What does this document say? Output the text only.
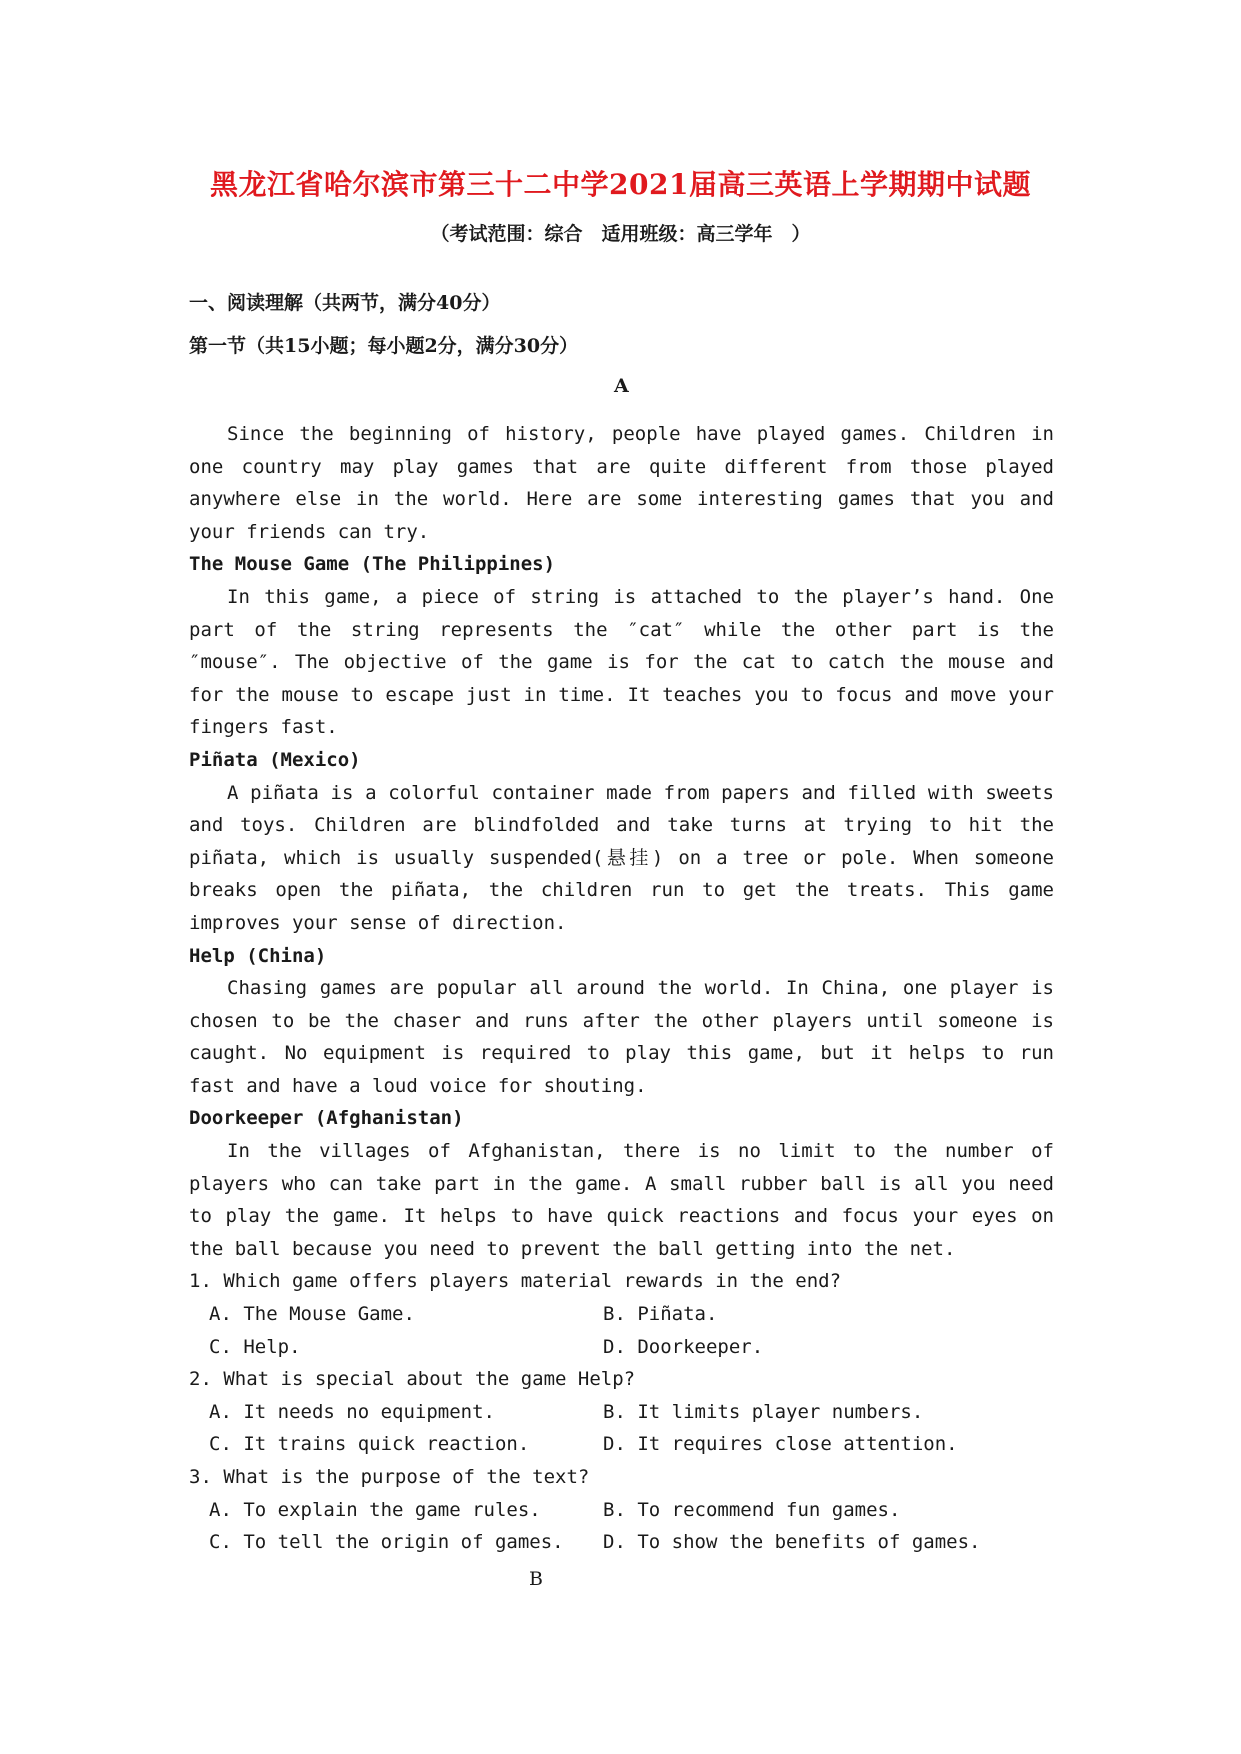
黑龙江省哈尔滨市第三十二中学2021届高三英语上学期期中试题
（考试范围：综合　适用班级：高三学年　）
一、阅读理解（共两节，满分40分）
第一节（共15小题；每小题2分，满分30分）
A

Since the beginning of history, people have played games. Children in one country may play games that are quite different from those played anywhere else in the world. Here are some interesting games that you and your friends can try.

The Mouse Game (The Philippines)

In this game, a piece of string is attached to the player’s hand. One part of the string represents the ″cat″ while the other part is the ″mouse″. The objective of the game is for the cat to catch the mouse and for the mouse to escape just in time. It teaches you to focus and move your fingers fast.

Piñata (Mexico)

A piñata is a colorful container made from papers and filled with sweets and toys. Children are blindfolded and take turns at trying to hit the piñata, which is usually suspended(悬挂) on a tree or pole. When someone breaks open the piñata, the children run to get the treats. This game improves your sense of direction.

Help (China)

Chasing games are popular all around the world. In China, one player is chosen to be the chaser and runs after the other players until someone is caught. No equipment is required to play this game, but it helps to run fast and have a loud voice for shouting.

Doorkeeper (Afghanistan)

In the villages of Afghanistan, there is no limit to the number of players who can take part in the game. A small rubber ball is all you need to play the game. It helps to have quick reactions and focus your eyes on the ball because you need to prevent the ball getting into the net.

1. Which game offers players material rewards in the end?
A. The Mouse Game.	B. Piñata.
C. Help.	D. Doorkeeper.
2. What is special about the game Help?
A. It needs no equipment.	B. It limits player numbers.
C. It trains quick reaction.	D. It requires close attention.
3. What is the purpose of the text?
A. To explain the game rules.	B. To recommend fun games.
C. To tell the origin of games.	D. To show the benefits of games.
B
